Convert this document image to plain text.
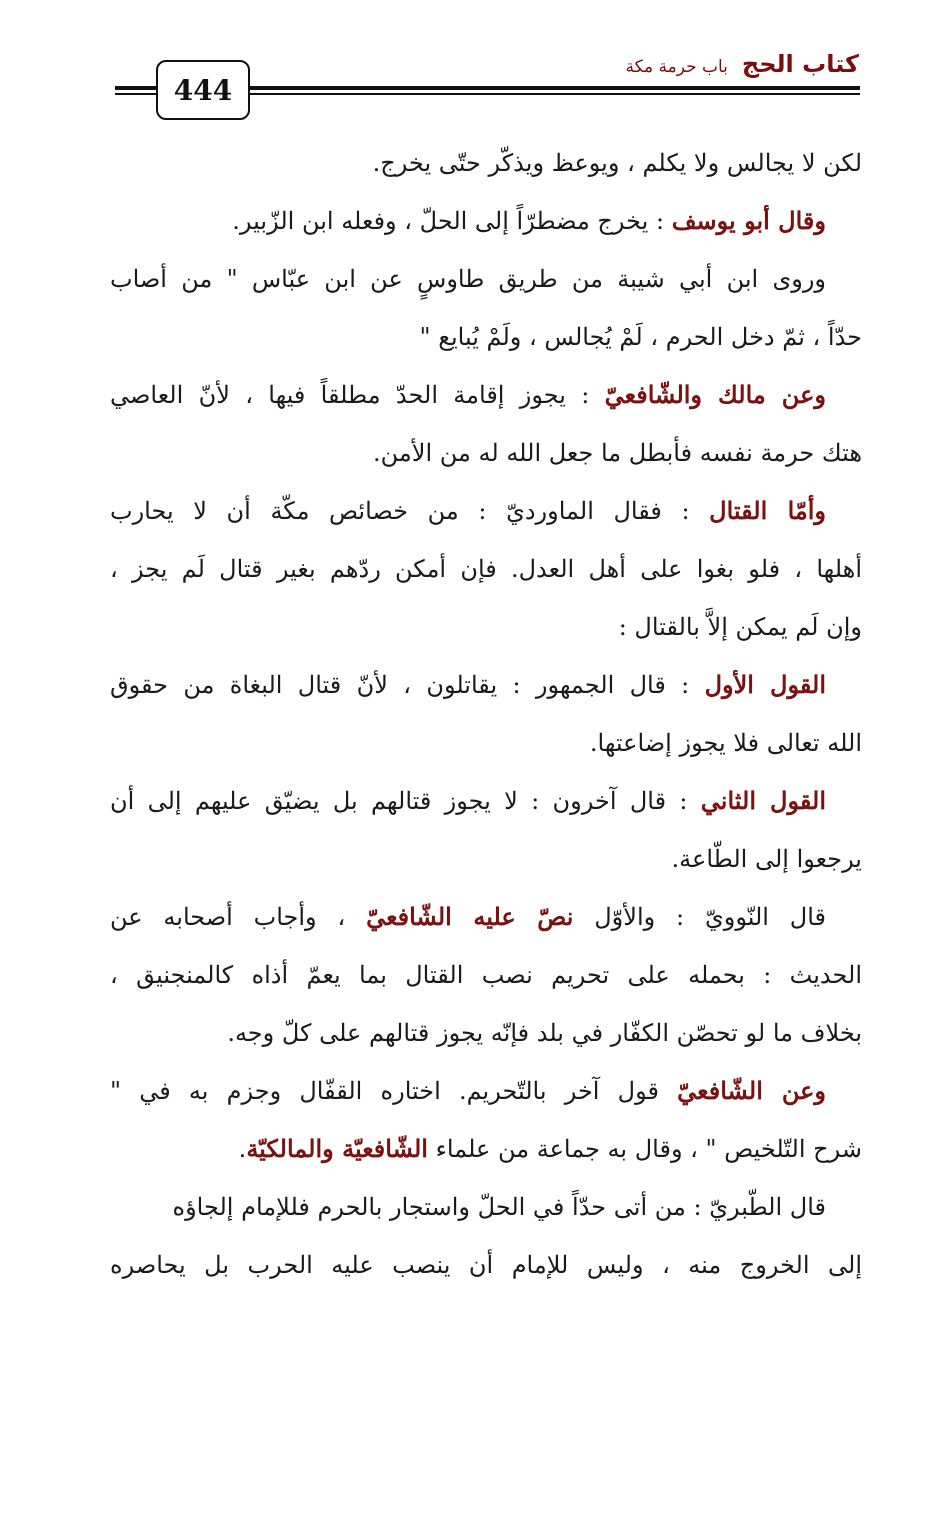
444
كتاب الحج
باب حرمة مكة
لكن لا يجالس ولا يكلم ، ويوعظ ويذكّر حتّى يخرج.
وقال أبو يوسف : يخرج مضطرّاً إلى الحلّ ، وفعله ابن الزّبير.
وروى ابن أبي شيبة من طريق طاوسٍ عن ابن عبّاس " من أصاب
حدّاً ، ثمّ دخل الحرم ، لَمْ يُجالس ، ولَمْ يُبايع "
وعن مالك والشّافعيّ : يجوز إقامة الحدّ مطلقاً فيها ، لأنّ العاصي
هتك حرمة نفسه فأبطل ما جعل الله له من الأمن.
وأمّا القتال : فقال الماورديّ : من خصائص مكّة أن لا يحارب
أهلها ، فلو بغوا على أهل العدل. فإن أمكن ردّهم بغير قتال لَم يجز ،
وإن لَم يمكن إلاَّ بالقتال :
القول الأول : قال الجمهور : يقاتلون ، لأنّ قتال البغاة من حقوق
الله تعالى فلا يجوز إضاعتها.
القول الثاني : قال آخرون : لا يجوز قتالهم بل يضيّق عليهم إلى أن
يرجعوا إلى الطّاعة.
قال النّوويّ : والأوّل نصّ عليه الشّافعيّ ، وأجاب أصحابه عن
الحديث : بحمله على تحريم نصب القتال بما يعمّ أذاه كالمنجنيق ،
بخلاف ما لو تحصّن الكفّار في بلد فإنّه يجوز قتالهم على كلّ وجه.
وعن الشّافعيّ قول آخر بالتّحريم. اختاره القفّال وجزم به في "
شرح التّلخيص " ، وقال به جماعة من علماء الشّافعيّة والمالكيّة.
قال الطّبريّ : من أتى حدّاً في الحلّ واستجار بالحرم فللإمام إلجاؤه
إلى الخروج منه ، وليس للإمام أن ينصب عليه الحرب بل يحاصره
